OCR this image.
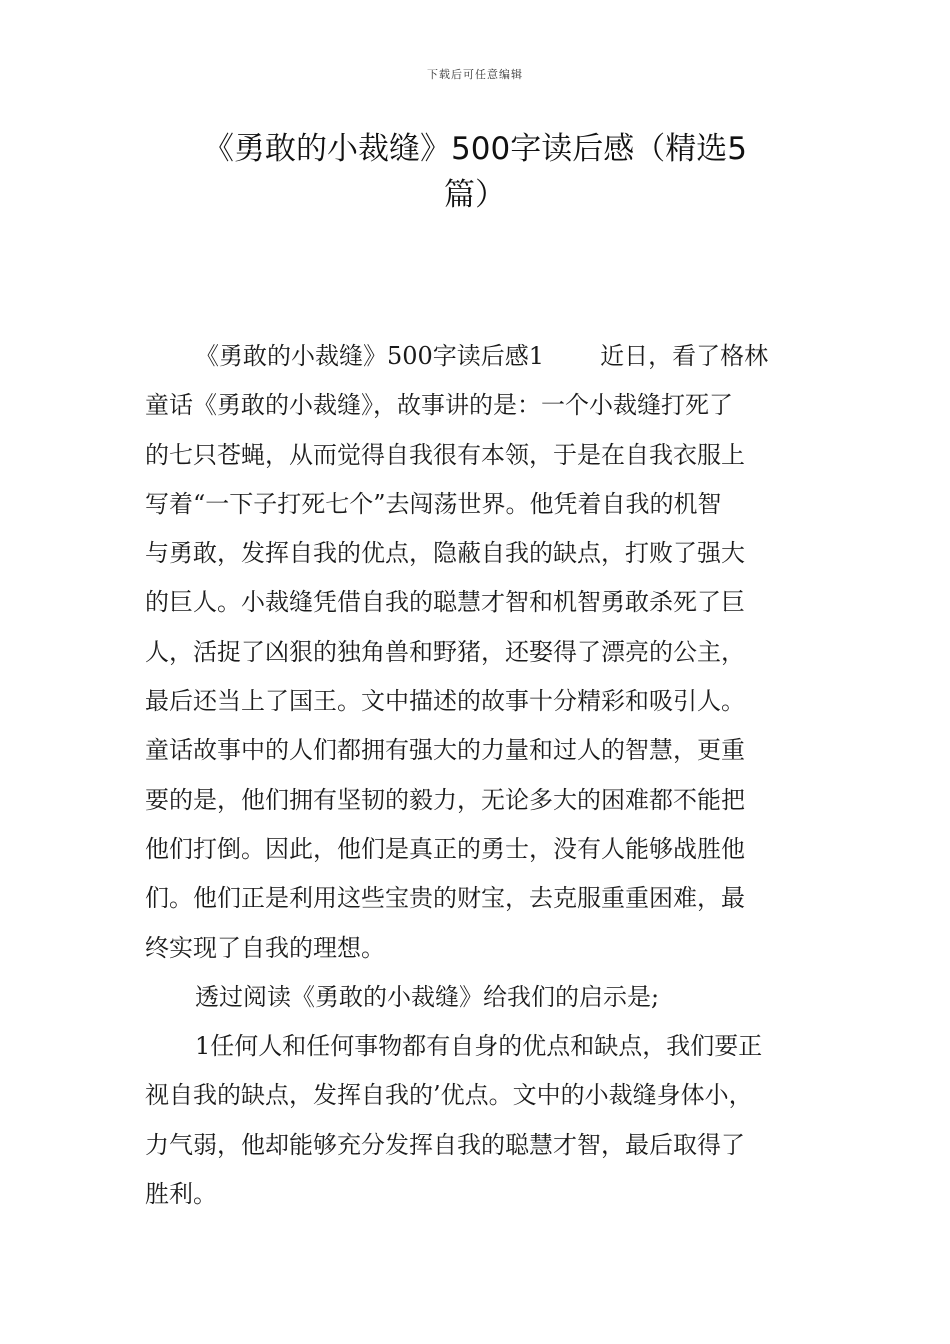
下载后可任意编辑
《勇敢的小裁缝》500字读后感（精选5
篇）
《勇敢的小裁缝》500字读后感1 近日，看了格林
童话《勇敢的小裁缝》，故事讲的是：一个小裁缝打死了
的七只苍蝇，从而觉得自我很有本领，于是在自我衣服上
写着“一下子打死七个”去闯荡世界。他凭着自我的机智
与勇敢，发挥自我的优点，隐蔽自我的缺点，打败了强大
的巨人。小裁缝凭借自我的聪慧才智和机智勇敢杀死了巨
人，活捉了凶狠的独角兽和野猪，还娶得了漂亮的公主，
最后还当上了国王。文中描述的故事十分精彩和吸引人。
童话故事中的人们都拥有强大的力量和过人的智慧，更重
要的是，他们拥有坚韧的毅力，无论多大的困难都不能把
他们打倒。因此，他们是真正的勇士，没有人能够战胜他
们。他们正是利用这些宝贵的财宝，去克服重重困难，最
终实现了自我的理想。
透过阅读《勇敢的小裁缝》给我们的启示是;
1任何人和任何事物都有自身的优点和缺点，我们要正
视自我的缺点，发挥自我的’优点。文中的小裁缝身体小，
力气弱，他却能够充分发挥自我的聪慧才智，最后取得了
胜利。
